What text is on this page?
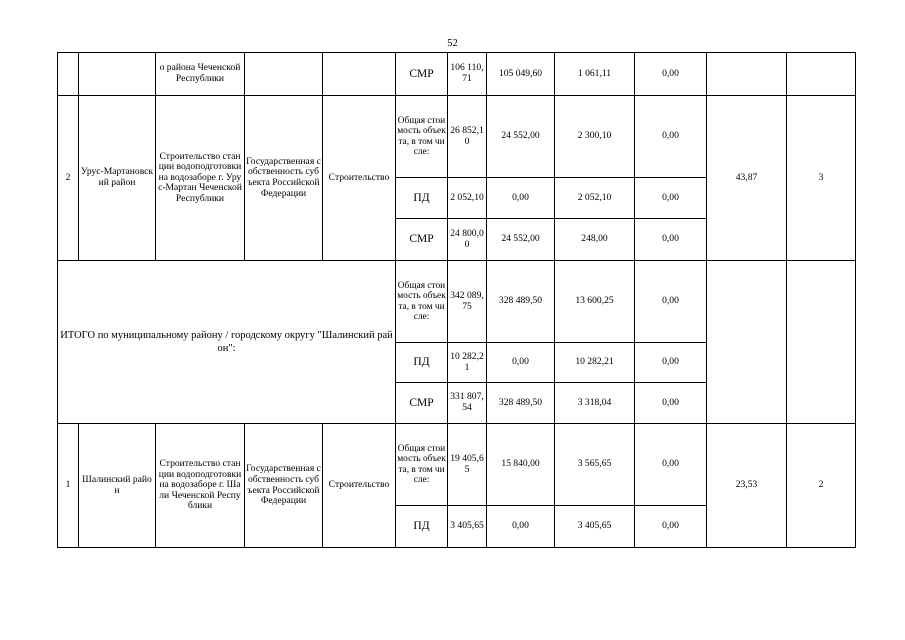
52
		о района Чеченской Республики			СМР	106 110,71	105 049,60	1 061,11	0,00		
2	Урус-Мартановский район	Строительство станции водоподготовки на водозаборе г. Урус-Мартан Чеченской Республики	Государственная собственность субъекта Российской Федерации	Строительство	Общая стоимость объекта, в том числе:	26 852,10	24 552,00	2 300,10	0,00	43,87	3
					ПД	2 052,10	0,00	2 052,10	0,00		
					СМР	24 800,00	24 552,00	248,00	0,00		
ИТОГО по муниципальному району / городскому округу "Шалинский район":					Общая стоимость объекта, в том числе:	342 089,75	328 489,50	13 600,25	0,00		
					ПД	10 282,21	0,00	10 282,21	0,00		
					СМР	331 807,54	328 489,50	3 318,04	0,00		
1	Шалинский район	Строительство станции водоподготовки на водозаборе г. Шали Чеченской Республики	Государственная собственность субъекта Российской Федерации	Строительство	Общая стоимость объекта, в том числе:	19 405,65	15 840,00	3 565,65	0,00	23,53	2
					ПД	3 405,65	0,00	3 405,65	0,00		
